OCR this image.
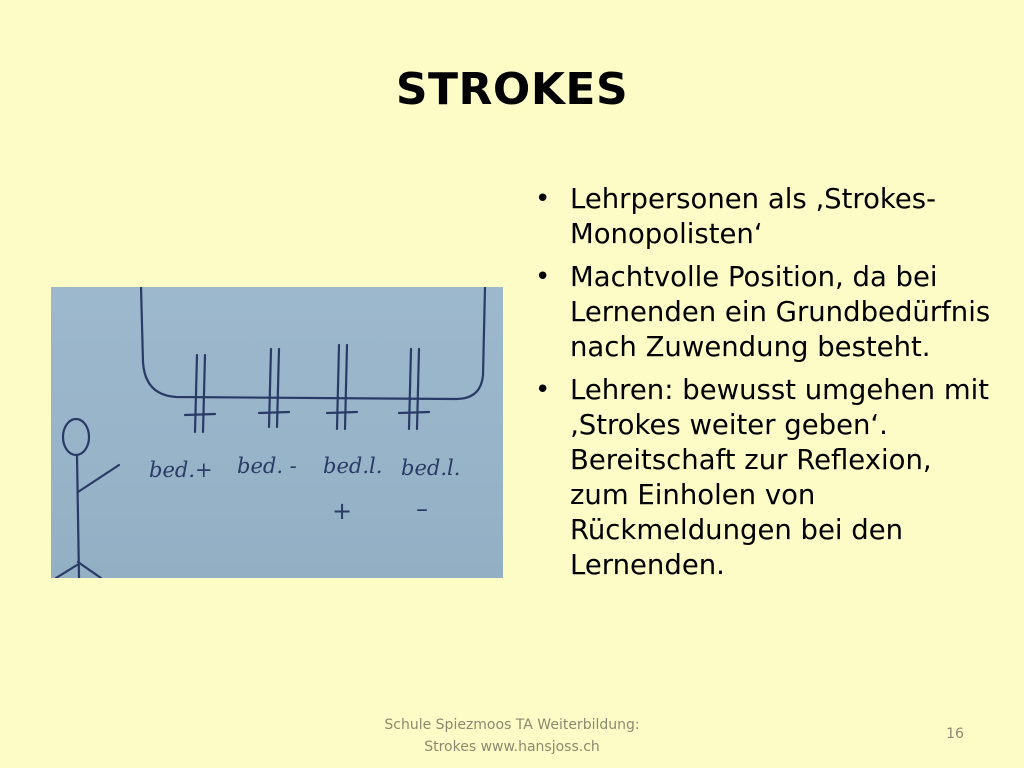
STROKES
bed.+ bed. - bed.l. bed.l.
+	–
• Lehrpersonen als ‚Strokes- Monopolisten‘
• Machtvolle Position, da bei Lernenden ein Grundbedürfnis nach Zuwendung besteht.
• Lehren: bewusst umgehen mit ‚Strokes weiter geben‘. Bereitschaft zur Reflexion, zum Einholen von Rückmeldungen bei den Lernenden.
Schule Spiezmoos TA Weiterbildung:
Strokes www.hansjoss.ch
16
